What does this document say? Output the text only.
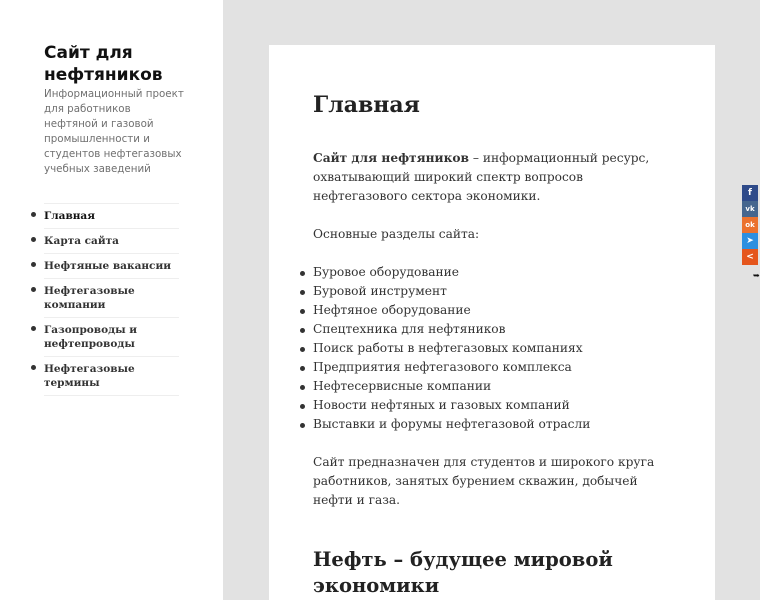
Сайт для нефтяников
Информационный проект для работников нефтяной и газовой промышленности и студентов нефтегазовых учебных заведений
Главная
Карта сайта
Нефтяные вакансии
Нефтегазовые компании
Газопроводы и нефтепроводы
Нефтегазовые термины
Главная

Сайт для нефтяников – информационный ресурс, охватывающий широкий спектр вопросов нефтегазового сектора экономики.

Основные разделы сайта:

Буровое оборудование
Буровой инструмент
Нефтяное оборудование
Спецтехника для нефтяников
Поиск работы в нефтегазовых компаниях
Предприятия нефтегазового комплекса
Нефтесервисные компании
Новости нефтяных и газовых компаний
Выставки и форумы нефтегазовой отрасли

Сайт предназначен для студентов и широкого круга работников, занятых бурением скважин, добычей нефти и газа.

Нефть – будущее мировой экономики
f
vk
ok
➤
<
➥
